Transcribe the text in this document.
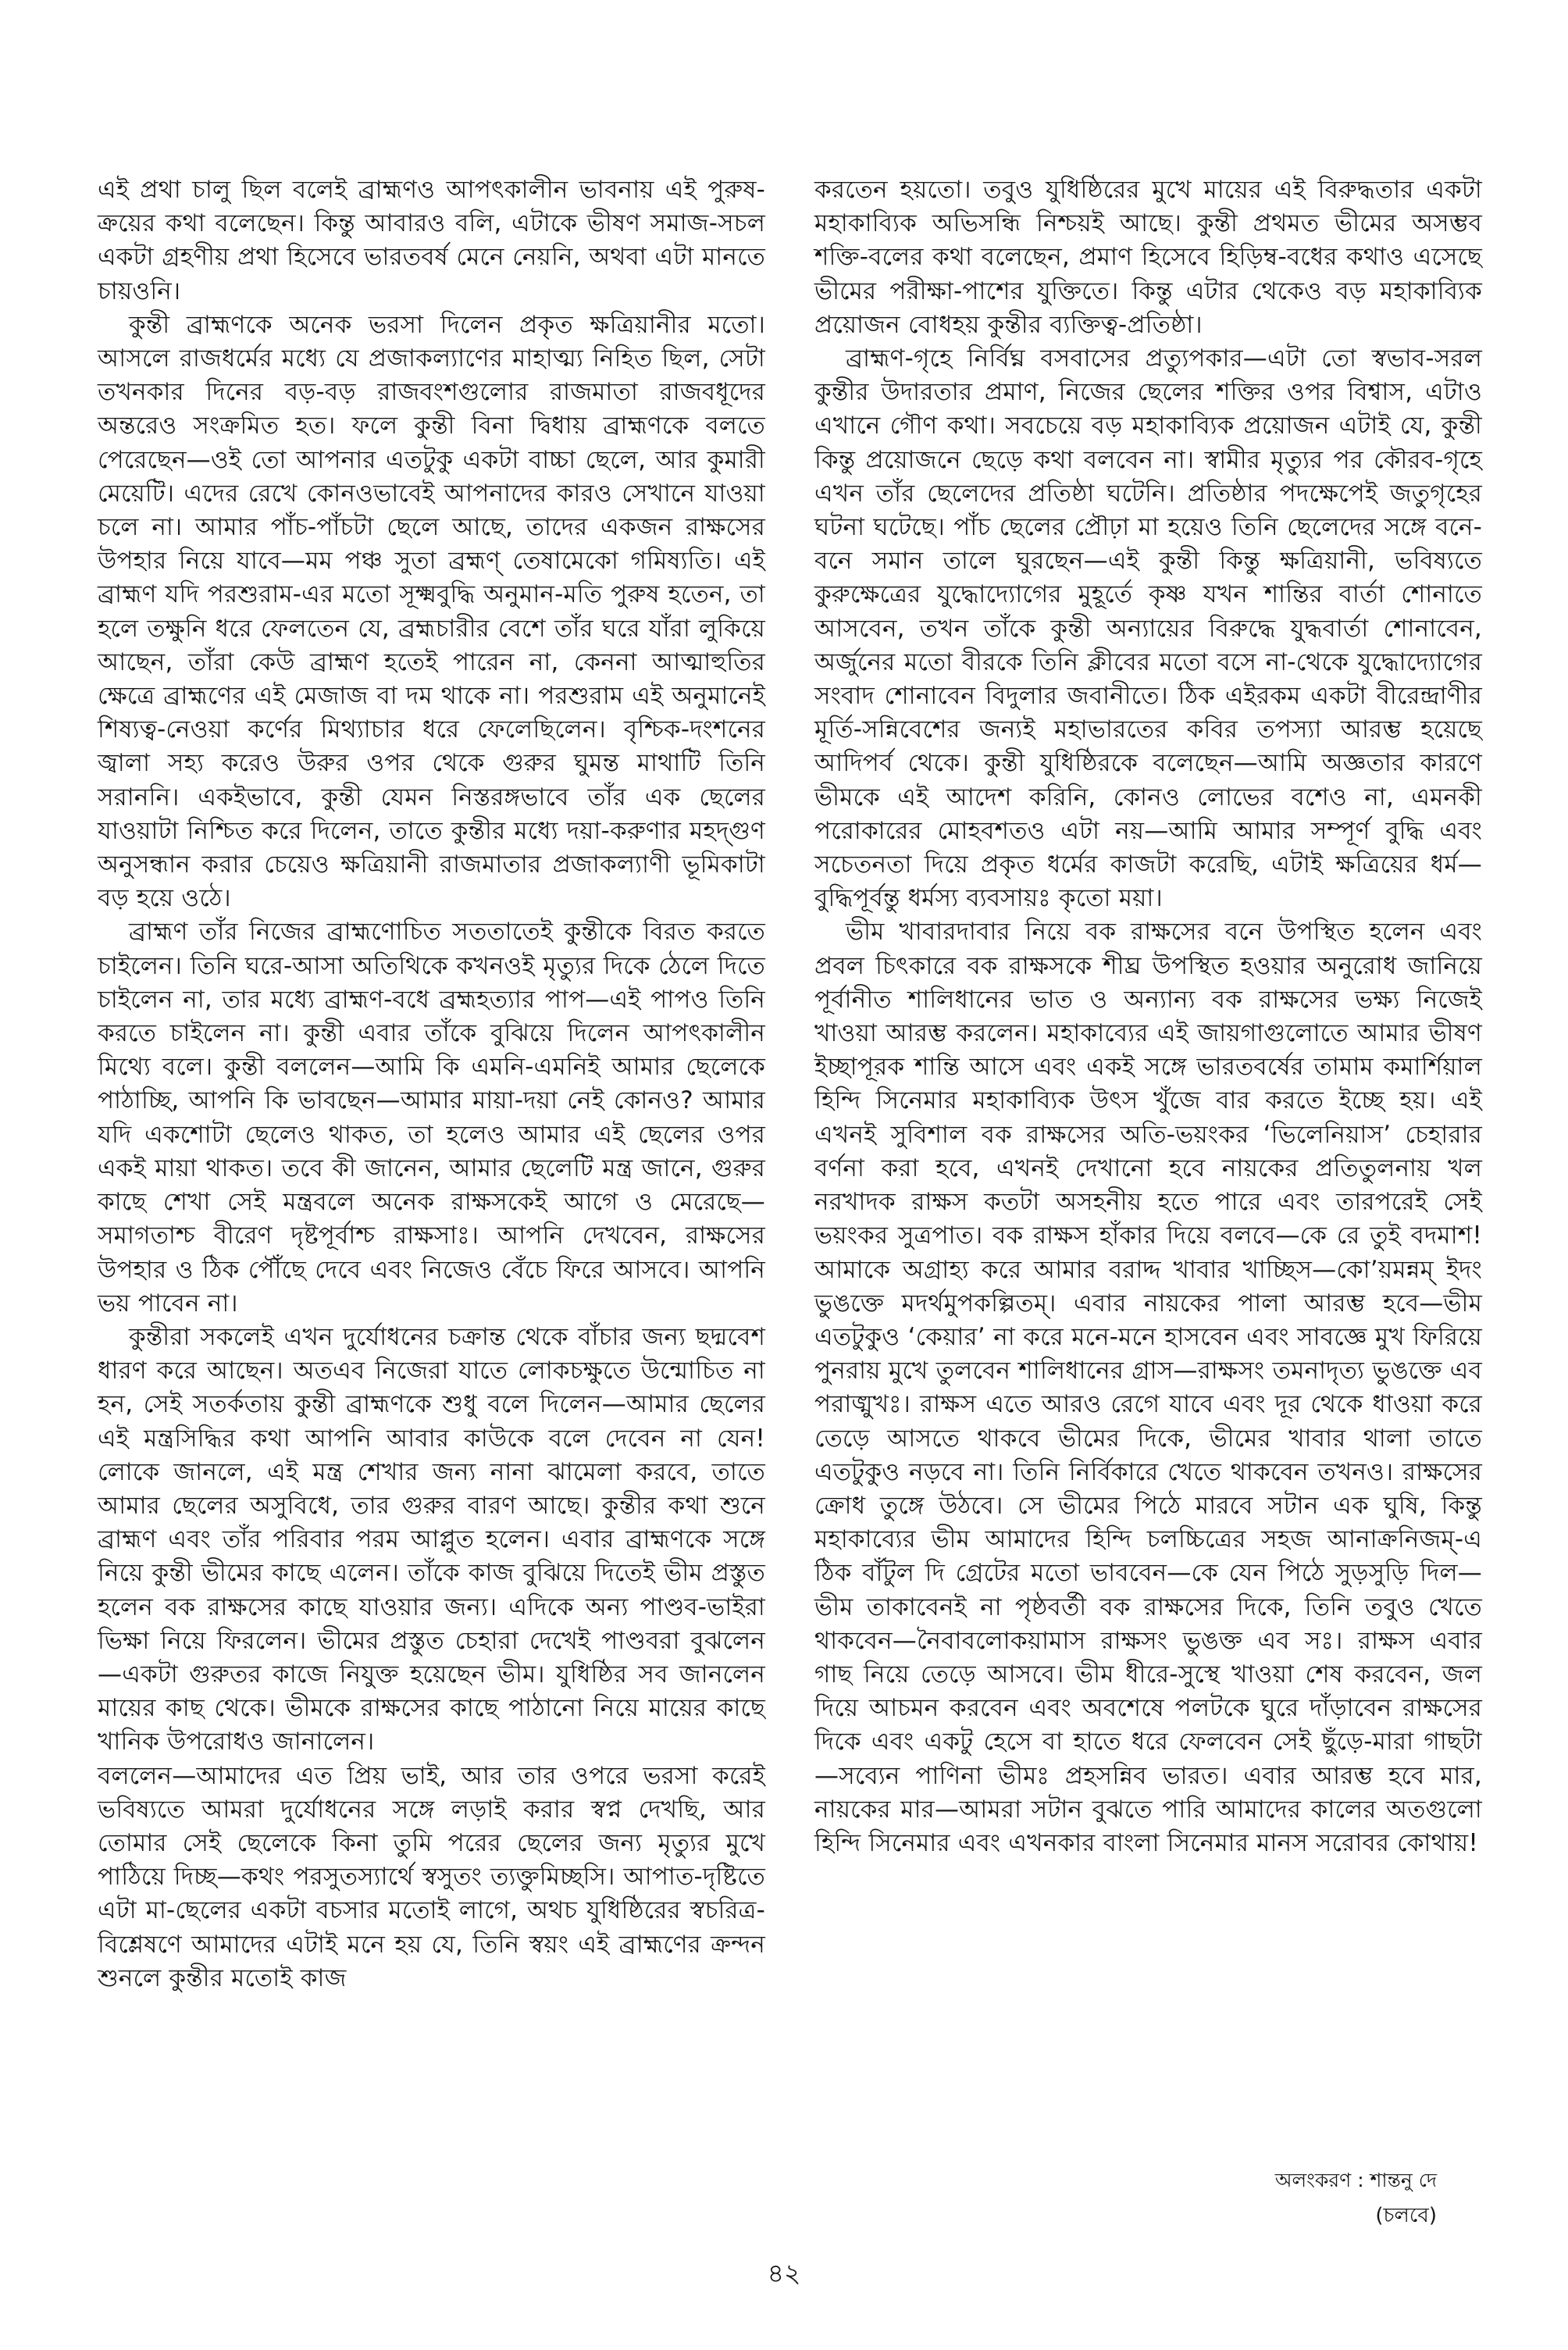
এই প্রথা চালু ছিল বলেই ব্রাহ্মণও আপৎকালীন ভাবনায় এই পুরুষ-ক্রয়ের কথা বলেছেন। কিন্তু আবারও বলি, এটাকে ভীষণ সমাজ-সচল একটা গ্রহণীয় প্রথা হিসেবে ভারতবর্ষ মেনে নেয়নি, অথবা এটা মানতে চায়ওনি।

কুন্তী ব্রাহ্মণকে অনেক ভরসা দিলেন প্রকৃত ক্ষত্রিয়ানীর মতো। আসলে রাজধর্মের মধ্যে যে প্রজাকল্যাণের মাহাত্ম্য নিহিত ছিল, সেটা তখনকার দিনের বড়-বড় রাজবংশগুলোর রাজমাতা রাজবধূদের অন্তরেও সংক্রমিত হত। ফলে কুন্তী বিনা দ্বিধায় ব্রাহ্মণকে বলতে পেরেছেন—ওই তো আপনার এতটুকু একটা বাচ্চা ছেলে, আর কুমারী মেয়েটি। এদের রেখে কোনওভাবেই আপনাদের কারও সেখানে যাওয়া চলে না। আমার পাঁচ-পাঁচটা ছেলে আছে, তাদের একজন রাক্ষসের উপহার নিয়ে যাবে—মম পঞ্চ সুতা ব্রহ্মণ্ তেষামেকো গমিষ্যতি। এই ব্রাহ্মণ যদি পরশুরাম-এর মতো সূক্ষ্মবুদ্ধি অনুমান-মতি পুরুষ হতেন, তা হলে তক্ষুনি ধরে ফেলতেন যে, ব্রহ্মচারীর বেশে তাঁর ঘরে যাঁরা লুকিয়ে আছেন, তাঁরা কেউ ব্রাহ্মণ হতেই পারেন না, কেননা আত্মাহুতির ক্ষেত্রে ব্রাহ্মণের এই মেজাজ বা দম থাকে না। পরশুরাম এই অনুমানেই শিষ্যত্ব-নেওয়া কর্ণের মিথ্যাচার ধরে ফেলেছিলেন। বৃশ্চিক-দংশনের জ্বালা সহ্য করেও উরুর ওপর থেকে গুরুর ঘুমন্ত মাথাটি তিনি সরাননি। একইভাবে, কুন্তী যেমন নিস্তরঙ্গভাবে তাঁর এক ছেলের যাওয়াটা নিশ্চিত করে দিলেন, তাতে কুন্তীর মধ্যে দয়া-করুণার মহদ্গুণ অনুসন্ধান করার চেয়েও ক্ষত্রিয়ানী রাজমাতার প্রজাকল্যাণী ভূমিকাটা বড় হয়ে ওঠে।

ব্রাহ্মণ তাঁর নিজের ব্রাহ্মণোচিত সততাতেই কুন্তীকে বিরত করতে চাইলেন। তিনি ঘরে-আসা অতিথিকে কখনওই মৃত্যুর দিকে ঠেলে দিতে চাইলেন না, তার মধ্যে ব্রাহ্মণ-বধে ব্রহ্মহত্যার পাপ—এই পাপও তিনি করতে চাইলেন না। কুন্তী এবার তাঁকে বুঝিয়ে দিলেন আপৎকালীন মিথ্যে বলে। কুন্তী বললেন—আমি কি এমনি-এমনিই আমার ছেলেকে পাঠাচ্ছি, আপনি কি ভাবছেন—আমার মায়া-দয়া নেই কোনও? আমার যদি একশোটা ছেলেও থাকত, তা হলেও আমার এই ছেলের ওপর একই মায়া থাকত। তবে কী জানেন, আমার ছেলেটি মন্ত্র জানে, গুরুর কাছে শেখা সেই মন্ত্রবলে অনেক রাক্ষসকেই আগে ও মেরেছে—সমাগতাশ্চ বীরেণ দৃষ্টপূর্বাশ্চ রাক্ষসাঃ। আপনি দেখবেন, রাক্ষসের উপহার ও ঠিক পৌঁছে দেবে এবং নিজেও বেঁচে ফিরে আসবে। আপনি ভয় পাবেন না।

কুন্তীরা সকলেই এখন দুর্যোধনের চক্রান্ত থেকে বাঁচার জন্য ছদ্মবেশ ধারণ করে আছেন। অতএব নিজেরা যাতে লোকচক্ষুতে উন্মোচিত না হন, সেই সতর্কতায় কুন্তী ব্রাহ্মণকে শুধু বলে দিলেন—আমার ছেলের এই মন্ত্রসিদ্ধির কথা আপনি আবার কাউকে বলে দেবেন না যেন! লোকে জানলে, এই মন্ত্র শেখার জন্য নানা ঝামেলা করবে, তাতে আমার ছেলের অসুবিধে, তার গুরুর বারণ আছে। কুন্তীর কথা শুনে ব্রাহ্মণ এবং তাঁর পরিবার পরম আপ্লুত হলেন। এবার ব্রাহ্মণকে সঙ্গে নিয়ে কুন্তী ভীমের কাছে এলেন। তাঁকে কাজ বুঝিয়ে দিতেই ভীম প্রস্তুত হলেন বক রাক্ষসের কাছে যাওয়ার জন্য। এদিকে অন্য পাণ্ডব-ভাইরা ভিক্ষা নিয়ে ফিরলেন। ভীমের প্রস্তুত চেহারা দেখেই পাণ্ডবরা বুঝলেন—একটা গুরুতর কাজে নিযুক্ত হয়েছেন ভীম। যুধিষ্ঠির সব জানলেন মায়ের কাছ থেকে। ভীমকে রাক্ষসের কাছে পাঠানো নিয়ে মায়ের কাছে খানিক উপরোধও জানালেন।

বললেন—আমাদের এত প্রিয় ভাই, আর তার ওপরে ভরসা করেই ভবিষ্যতে আমরা দুর্যোধনের সঙ্গে লড়াই করার স্বপ্ন দেখছি, আর তোমার সেই ছেলেকে কিনা তুমি পরের ছেলের জন্য মৃত্যুর মুখে পাঠিয়ে দিচ্ছ—কথং পরসুতস্যার্থে স্বসুতং ত্যক্তুমিচ্ছসি। আপাত-দৃষ্টিতে এটা মা-ছেলের একটা বচসার মতোই লাগে, অথচ যুধিষ্ঠিরের স্বচরিত্র-বিশ্লেষণে আমাদের এটাই মনে হয় যে, তিনি স্বয়ং এই ব্রাহ্মণের ক্রন্দন শুনলে কুন্তীর মতোই কাজ

করতেন হয়তো। তবুও যুধিষ্ঠিরের মুখে মায়ের এই বিরুদ্ধতার একটা মহাকাব্যিক অভিসন্ধি নিশ্চয়ই আছে। কুন্তী প্রথমত ভীমের অসম্ভব শক্তি-বলের কথা বলেছেন, প্রমাণ হিসেবে হিড়িম্ব-বধের কথাও এসেছে ভীমের পরীক্ষা-পাশের যুক্তিতে। কিন্তু এটার থেকেও বড় মহাকাব্যিক প্রয়োজন বোধহয় কুন্তীর ব্যক্তিত্ব-প্রতিষ্ঠা।

ব্রাহ্মণ-গৃহে নির্বিঘ্ন বসবাসের প্রত্যুপকার—এটা তো স্বভাব-সরল কুন্তীর উদারতার প্রমাণ, নিজের ছেলের শক্তির ওপর বিশ্বাস, এটাও এখানে গৌণ কথা। সবচেয়ে বড় মহাকাব্যিক প্রয়োজন এটাই যে, কুন্তী কিন্তু প্রয়োজনে ছেড়ে কথা বলবেন না। স্বামীর মৃত্যুর পর কৌরব-গৃহে এখন তাঁর ছেলেদের প্রতিষ্ঠা ঘটেনি। প্রতিষ্ঠার পদক্ষেপেই জতুগৃহের ঘটনা ঘটেছে। পাঁচ ছেলের প্রৌঢ়া মা হয়েও তিনি ছেলেদের সঙ্গে বনে-বনে সমান তালে ঘুরছেন—এই কুন্তী কিন্তু ক্ষত্রিয়ানী, ভবিষ্যতে কুরুক্ষেত্রের যুদ্ধোদ্যোগের মুহূর্তে কৃষ্ণ যখন শান্তির বার্তা শোনাতে আসবেন, তখন তাঁকে কুন্তী অন্যায়ের বিরুদ্ধে যুদ্ধবার্তা শোনাবেন, অর্জুনের মতো বীরকে তিনি ক্লীবের মতো বসে না-থেকে যুদ্ধোদ্যোগের সংবাদ শোনাবেন বিদুলার জবানীতে। ঠিক এইরকম একটা বীরেন্দ্রাণীর মূর্তি-সন্নিবেশের জন্যই মহাভারতের কবির তপস্যা আরম্ভ হয়েছে আদিপর্ব থেকে। কুন্তী যুধিষ্ঠিরকে বলেছেন—আমি অজ্ঞতার কারণে ভীমকে এই আদেশ করিনি, কোনও লোভের বশেও না, এমনকী পরোকারের মোহবশতও এটা নয়—আমি আমার সম্পূর্ণ বুদ্ধি এবং সচেতনতা দিয়ে প্রকৃত ধর্মের কাজটা করেছি, এটাই ক্ষত্রিয়ের ধর্ম—বুদ্ধিপূর্বন্তু ধর্মস্য ব্যবসায়ঃ কৃতো ময়া।

ভীম খাবারদাবার নিয়ে বক রাক্ষসের বনে উপস্থিত হলেন এবং প্রবল চিৎকারে বক রাক্ষসকে শীঘ্র উপস্থিত হওয়ার অনুরোধ জানিয়ে পূর্বানীত শালিধানের ভাত ও অন্যান্য বক রাক্ষসের ভক্ষ্য নিজেই খাওয়া আরম্ভ করলেন। মহাকাব্যের এই জায়গাগুলোতে আমার ভীষণ ইচ্ছাপূরক শান্তি আসে এবং একই সঙ্গে ভারতবর্ষের তামাম কমার্শিয়াল হিন্দি সিনেমার মহাকাব্যিক উৎস খুঁজে বার করতে ইচ্ছে হয়। এই এখনই সুবিশাল বক রাক্ষসের অতি-ভয়ংকর ‘ভিলেনিয়াস’ চেহারার বর্ণনা করা হবে, এখনই দেখানো হবে নায়কের প্রতিতুলনায় খল নরখাদক রাক্ষস কতটা অসহনীয় হতে পারে এবং তারপরেই সেই ভয়ংকর সুত্রপাত। বক রাক্ষস হাঁকার দিয়ে বলবে—কে রে তুই বদমাশ! আমাকে অগ্রাহ্য করে আমার বরাদ্দ খাবার খাচ্ছিস—কো’য়মন্নম্ ইদং ভুঙক্তে মদর্থমুপকল্পিতম্। এবার নায়কের পালা আরম্ভ হবে—ভীম এতটুকুও ‘কেয়ার’ না করে মনে-মনে হাসবেন এবং সাবজ্ঞে মুখ ফিরিয়ে পুনরায় মুখে তুলবেন শালিধানের গ্রাস—রাক্ষসং তমনাদৃত্য ভুঙক্তে এব পরাঙ্মুখঃ। রাক্ষস এতে আরও রেগে যাবে এবং দূর থেকে ধাওয়া করে তেড়ে আসতে থাকবে ভীমের দিকে, ভীমের খাবার থালা তাতে এতটুকুও নড়বে না। তিনি নির্বিকারে খেতে থাকবেন তখনও। রাক্ষসের ক্রোধ তুঙ্গে উঠবে। সে ভীমের পিঠে মারবে সটান এক ঘুষি, কিন্তু মহাকাব্যের ভীম আমাদের হিন্দি চলচ্চিত্রের সহজ আনাক্রনিজম্-এ ঠিক বাঁটুল দি গ্রেটের মতো ভাববেন—কে যেন পিঠে সুড়সুড়ি দিল—ভীম তাকাবেনই না পৃষ্ঠবর্তী বক রাক্ষসের দিকে, তিনি তবুও খেতে থাকবেন—নৈবাবলোকয়ামাস রাক্ষসং ভুঙক্ত এব সঃ। রাক্ষস এবার গাছ নিয়ে তেড়ে আসবে। ভীম ধীরে-সুস্থে খাওয়া শেষ করবেন, জল দিয়ে আচমন করবেন এবং অবশেষে পলটকে ঘুরে দাঁড়াবেন রাক্ষসের দিকে এবং একটু হেসে বা হাতে ধরে ফেলবেন সেই ছুঁড়ে-মারা গাছটা—সব্যেন পাণিনা ভীমঃ প্রহসন্নিব ভারত। এবার আরম্ভ হবে মার, নায়কের মার—আমরা সটান বুঝতে পারি আমাদের কালের অতগুলো হিন্দি সিনেমার এবং এখনকার বাংলা সিনেমার মানস সরোবর কোথায়!

অলংকরণ : শান্তনু দে
(চলবে)
৪২
